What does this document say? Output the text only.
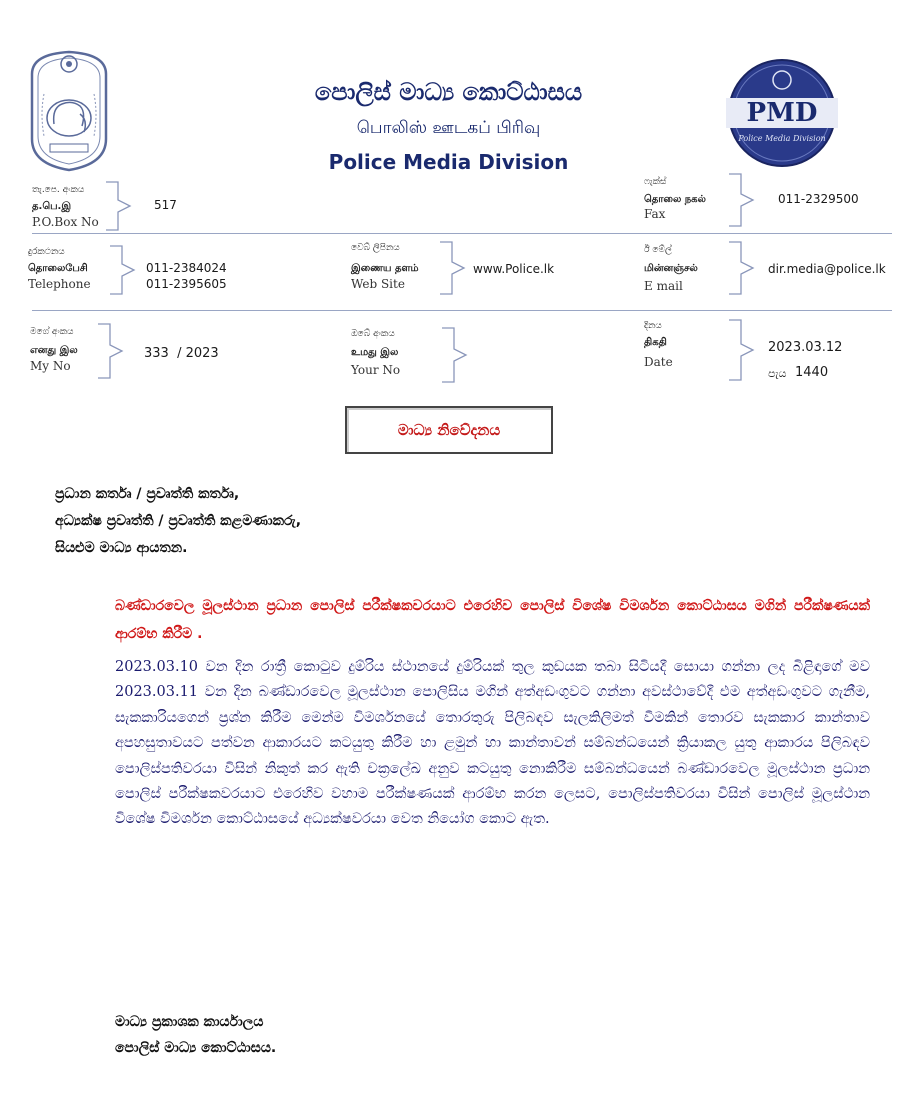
PMD
Police Media Division
පොලිස් මාධ්‍ය කොට්ඨාසය
பொலிஸ் ஊடகப் பிரிவு
Police Media Division
තැ.පෙ. අංකය
த.பெ.இ
P.O.Box No
517
ෆැක්ස්
தொலை நகல்
Fax
011-2329500
දුරකථනය
தொலைபேசி
Telephone
011-2384024
011-2395605
වෙබ් ලිපිනය
இணைய தளம்
Web Site
www.Police.lk
ඊ මේල්
மின்னஞ்சல்
E mail
dir.media@police.lk
මගේ අංකය
எனது இல
My No
333  / 2023
ඔබේ අංකය
உமது இல
Your No
දිනය
திகதி
Date
2023.03.12
පැය 1440
මාධ්‍ය නිවේදනය
ප්‍රධාන කර්තෘ / ප්‍රවෘත්ති කර්තෘ,
අධ්‍යක්ෂ ප්‍රවෘත්ති / ප්‍රවෘත්ති කළමණාකරු,
සියළුම මාධ්‍ය ආයතන.
බණ්ඩාරවෙල මූලස්ථාන ප්‍රධාන පොලිස් පරීක්ෂකවරයාට එරෙහිව පොලිස් විශේෂ විමර්ශන කොට්ඨාසය මගින් පරීක්ෂණයක් ආරම්භ කිරීම .
2023.03.10 වන දින රාත්‍රී කොටුව දුම්රිය ස්ථානයේ දුම්රියක් තුල කුඩයක තබා සිටියදී සොයා ගන්නා ලද බිළිඳාගේ මව 2023.03.11 වන දින බණ්ඩාරවෙල මූලස්ථාන පොලිසිය මගින් අත්අඩංගුවට ගන්නා අවස්ථාවේදී එම අත්අඩංගුවට ගැනීම, සැකකාරියගෙන් ප්‍රශ්න කිරීම මෙන්ම විමර්ශනයේ තොරතුරු පිලිබඳව සැලකිලිමත් වීමකින් තොරව සැකකාර කාන්තාව අපහසුතාවයට පත්වන ආකාරයට කටයුතු කිරීම හා ළමුන් හා කාන්තාවන් සම්බන්ධයෙන් ක්‍රියාකල යුතු ආකාරය පිලිබඳව පොලිස්පතිවරයා විසින් නිකුත් කර ඇති චක්‍රලේඛ අනුව කටයුතු නොකිරීම සම්බන්ධයෙන් බණ්ඩාරවෙල මූලස්ථාන ප්‍රධාන පොලිස් පරීක්ෂකවරයාට එරෙහිව වහාම පරීක්ෂණයක් ආරම්භ කරන ලෙසට, පොලිස්පතිවරයා විසින් පොලිස් මූලස්ථාන විශේෂ විමර්ශන කොට්ඨාසයේ අධ්‍යක්ෂවරයා වෙත නියෝග කොට ඇත.
මාධ්‍ය ප්‍රකාශක කාර්යාලය
පොලිස් මාධ්‍ය කොට්ඨාසය.
